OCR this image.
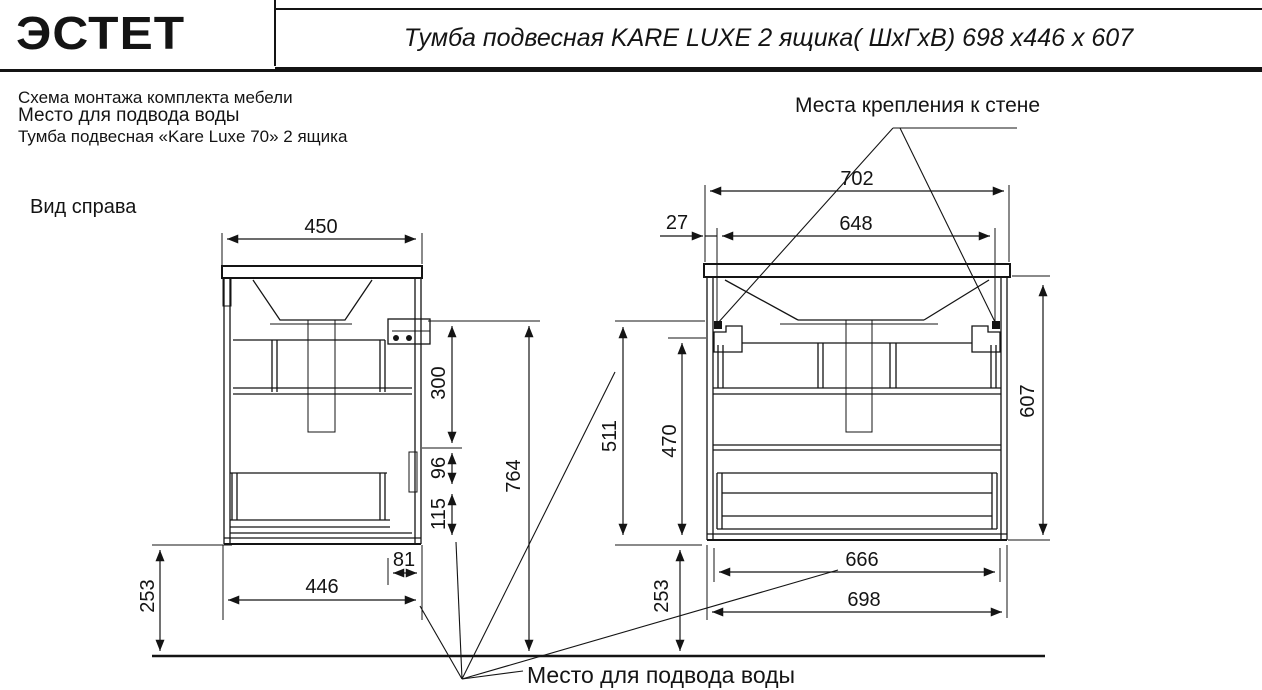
ЭСТЕТ	Тумба подвесная KARE LUXE 2 ящика( ШхГхВ) 698 х446 х 607
Схема монтажа комплекта мебели
Место для подвода воды
Тумба подвесная «Kare Luxe 70» 2 ящика
Вид справа
Места крепления к стене
Место для подвода воды
450
300
96
115
764
81
446
253
702
27	648
607
511 470
253
666
698
